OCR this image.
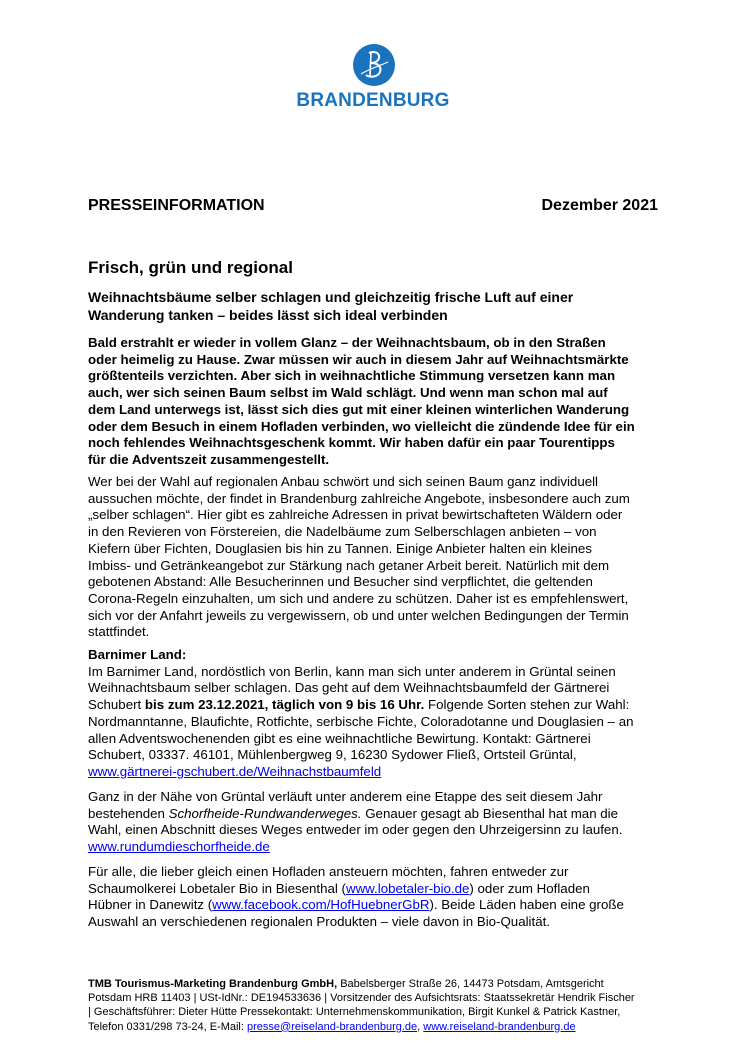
BRANDENBURG
PRESSEINFORMATION	Dezember 2021
Frisch, grün und regional
Weihnachtsbäume selber schlagen und gleichzeitig frische Luft auf einer
Wanderung tanken – beides lässt sich ideal verbinden
Bald erstrahlt er wieder in vollem Glanz – der Weihnachtsbaum, ob in den Straßen
oder heimelig zu Hause. Zwar müssen wir auch in diesem Jahr auf Weihnachtsmärkte
größtenteils verzichten. Aber sich in weihnachtliche Stimmung versetzen kann man
auch, wer sich seinen Baum selbst im Wald schlägt. Und wenn man schon mal auf
dem Land unterwegs ist, lässt sich dies gut mit einer kleinen winterlichen Wanderung
oder dem Besuch in einem Hofladen verbinden, wo vielleicht die zündende Idee für ein
noch fehlendes Weihnachtsgeschenk kommt. Wir haben dafür ein paar Tourentipps
für die Adventszeit zusammengestellt.
Wer bei der Wahl auf regionalen Anbau schwört und sich seinen Baum ganz individuell
aussuchen möchte, der findet in Brandenburg zahlreiche Angebote, insbesondere auch zum
„selber schlagen“. Hier gibt es zahlreiche Adressen in privat bewirtschafteten Wäldern oder
in den Revieren von Förstereien, die Nadelbäume zum Selberschlagen anbieten – von
Kiefern über Fichten, Douglasien bis hin zu Tannen. Einige Anbieter halten ein kleines
Imbiss- und Getränkeangebot zur Stärkung nach getaner Arbeit bereit. Natürlich mit dem
gebotenen Abstand: Alle Besucherinnen und Besucher sind verpflichtet, die geltenden
Corona-Regeln einzuhalten, um sich und andere zu schützen. Daher ist es empfehlenswert,
sich vor der Anfahrt jeweils zu vergewissern, ob und unter welchen Bedingungen der Termin
stattfindet.
Barnimer Land:
Im Barnimer Land, nordöstlich von Berlin, kann man sich unter anderem in Grüntal seinen
Weihnachtsbaum selber schlagen. Das geht auf dem Weihnachtsbaumfeld der Gärtnerei
Schubert bis zum 23.12.2021, täglich von 9 bis 16 Uhr. Folgende Sorten stehen zur Wahl:
Nordmanntanne, Blaufichte, Rotfichte, serbische Fichte, Coloradotanne und Douglasien – an
allen Adventswochenenden gibt es eine weihnachtliche Bewirtung. Kontakt: Gärtnerei
Schubert, 03337. 46101, Mühlenbergweg 9, 16230 Sydower Fließ, Ortsteil Grüntal,
www.gärtnerei-gschubert.de/Weihnachstbaumfeld
Ganz in der Nähe von Grüntal verläuft unter anderem eine Etappe des seit diesem Jahr
bestehenden Schorfheide-Rundwanderweges. Genauer gesagt ab Biesenthal hat man die
Wahl, einen Abschnitt dieses Weges entweder im oder gegen den Uhrzeigersinn zu laufen.
www.rundumdieschorfheide.de
Für alle, die lieber gleich einen Hofladen ansteuern möchten, fahren entweder zur
Schaumolkerei Lobetaler Bio in Biesenthal (www.lobetaler-bio.de) oder zum Hofladen
Hübner in Danewitz (www.facebook.com/HofHuebnerGbR). Beide Läden haben eine große
Auswahl an verschiedenen regionalen Produkten – viele davon in Bio-Qualität.
TMB Tourismus-Marketing Brandenburg GmbH, Babelsberger Straße 26, 14473 Potsdam, Amtsgericht
Potsdam HRB 11403 | USt-IdNr.: DE194533636 | Vorsitzender des Aufsichtsrats: Staatssekretär Hendrik Fischer
| Geschäftsführer: Dieter Hütte Pressekontakt: Unternehmenskommunikation, Birgit Kunkel & Patrick Kastner,
Telefon 0331/298 73-24, E-Mail: presse@reiseland-brandenburg.de, www.reiseland-brandenburg.de
